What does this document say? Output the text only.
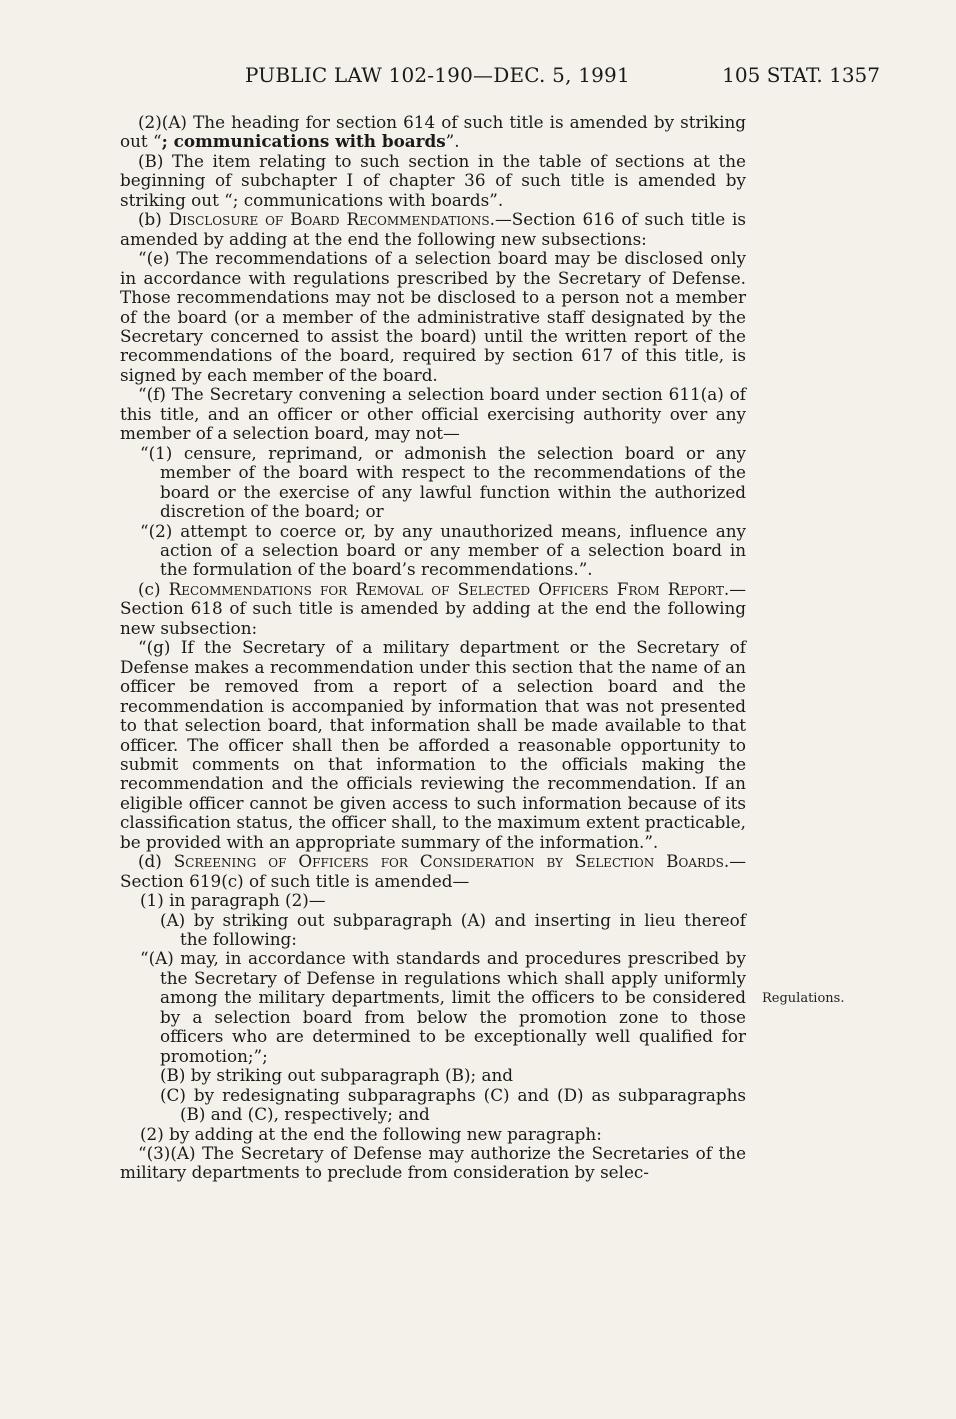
PUBLIC LAW 102-190—DEC. 5, 1991	105 STAT. 1357

(2)(A) The heading for section 614 of such title is amended by striking out “; communications with boards”.

(B) The item relating to such section in the table of sections at the beginning of subchapter I of chapter 36 of such title is amended by striking out “; communications with boards”.

(b) Disclosure of Board Recommendations.—Section 616 of such title is amended by adding at the end the following new subsections:

“(e) The recommendations of a selection board may be disclosed only in accordance with regulations prescribed by the Secretary of Defense. Those recommendations may not be disclosed to a person not a member of the board (or a member of the administrative staff designated by the Secretary concerned to assist the board) until the written report of the recommendations of the board, required by section 617 of this title, is signed by each member of the board.

“(f) The Secretary convening a selection board under section 611(a) of this title, and an officer or other official exercising authority over any member of a selection board, may not—

“(1) censure, reprimand, or admonish the selection board or any member of the board with respect to the recommendations of the board or the exercise of any lawful function within the authorized discretion of the board; or

“(2) attempt to coerce or, by any unauthorized means, influence any action of a selection board or any member of a selection board in the formulation of the board’s recommendations.”.

(c) Recommendations for Removal of Selected Officers From Report.—Section 618 of such title is amended by adding at the end the following new subsection:

“(g) If the Secretary of a military department or the Secretary of Defense makes a recommendation under this section that the name of an officer be removed from a report of a selection board and the recommendation is accompanied by information that was not presented to that selection board, that information shall be made available to that officer. The officer shall then be afforded a reasonable opportunity to submit comments on that information to the officials making the recommendation and the officials reviewing the recommendation. If an eligible officer cannot be given access to such information because of its classification status, the officer shall, to the maximum extent practicable, be provided with an appropriate summary of the information.”.

(d) Screening of Officers for Consideration by Selection Boards.—Section 619(c) of such title is amended—

(1) in paragraph (2)—

(A) by striking out subparagraph (A) and inserting in lieu thereof the following:

“(A) may, in accordance with standards and procedures prescribed by the Secretary of Defense in regulations which shall apply uniformly among the military departments, limit the officers to be considered by a selection board from below the promotion zone to those officers who are determined to be exceptionally well qualified for promotion;”;

(B) by striking out subparagraph (B); and

(C) by redesignating subparagraphs (C) and (D) as subparagraphs (B) and (C), respectively; and

(2) by adding at the end the following new paragraph:

“(3)(A) The Secretary of Defense may authorize the Secretaries of the military departments to preclude from consideration by selec-

Regulations.
